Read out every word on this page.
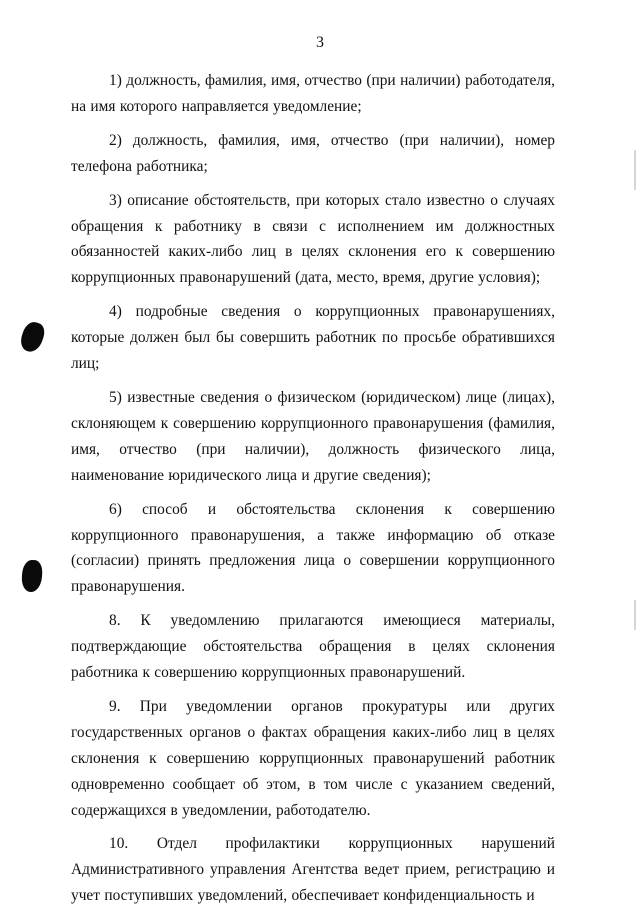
3

1) должность, фамилия, имя, отчество (при наличии) работодателя, на имя которого направляется уведомление;

2) должность, фамилия, имя, отчество (при наличии), номер телефона работника;

3) описание обстоятельств, при которых стало известно о случаях обращения к работнику в связи с исполнением им должностных обязанностей каких-либо лиц в целях склонения его к совершению коррупционных правонарушений (дата, место, время, другие условия);

4) подробные сведения о коррупционных правонарушениях, которые должен был бы совершить работник по просьбе обратившихся лиц;

5) известные сведения о физическом (юридическом) лице (лицах), склоняющем к совершению коррупционного правонарушения (фамилия, имя, отчество (при наличии), должность физического лица, наименование юридического лица и другие сведения);

6) способ и обстоятельства склонения к совершению коррупционного правонарушения, а также информацию об отказе (согласии) принять предложения лица о совершении коррупционного правонарушения.

8. К уведомлению прилагаются имеющиеся материалы, подтверждающие обстоятельства обращения в целях склонения работника к совершению коррупционных правонарушений.

9. При уведомлении органов прокуратуры или других государственных органов о фактах обращения каких-либо лиц в целях склонения к совершению коррупционных правонарушений работник одновременно сообщает об этом, в том числе с указанием сведений, содержащихся в уведомлении, работодателю.

10. Отдел профилактики коррупционных нарушений Административного управления Агентства ведет прием, регистрацию и учет поступивших уведомлений, обеспечивает конфиденциальность и
